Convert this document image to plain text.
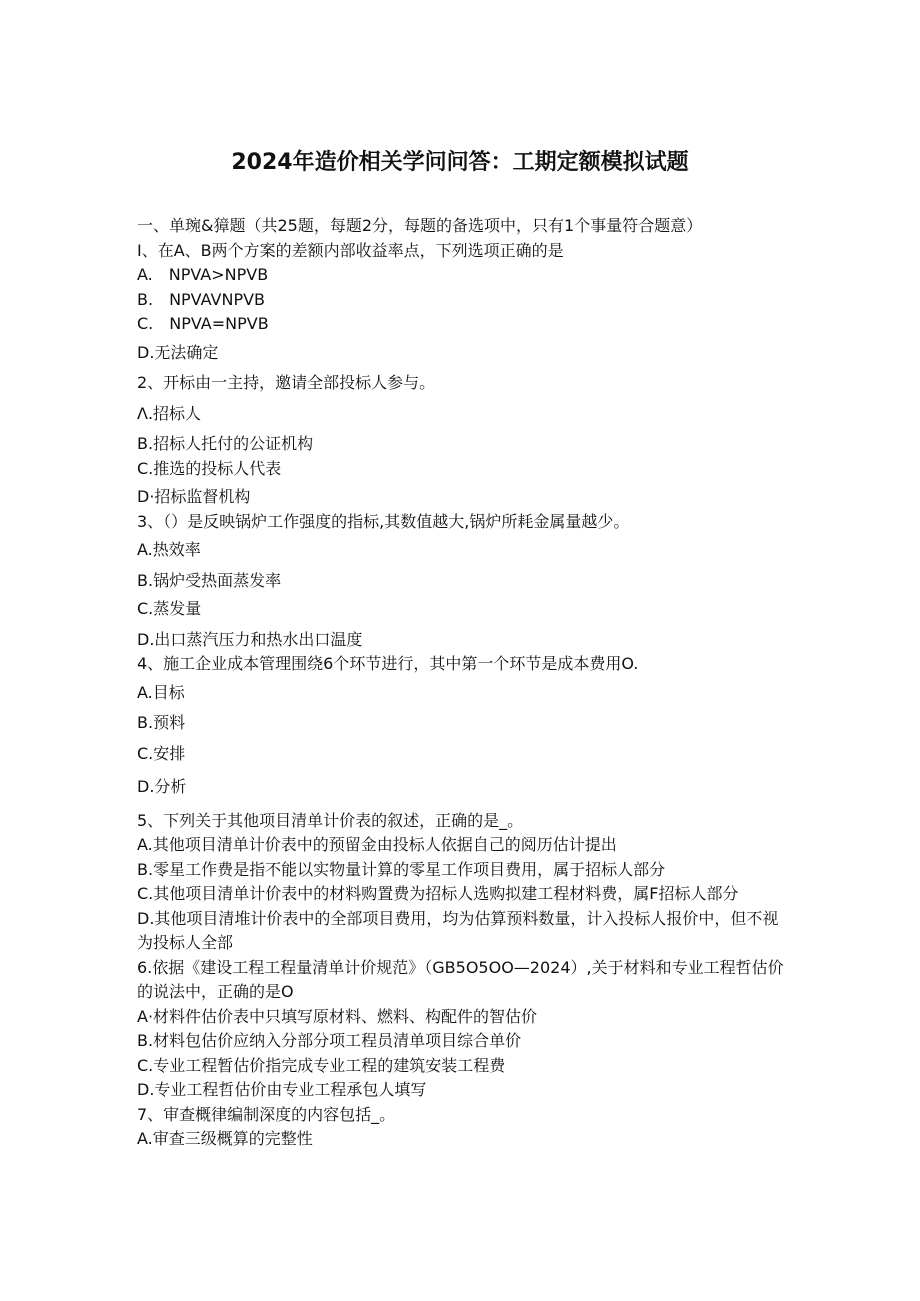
2024年造价相关学问问答：工期定额模拟试题
一、单琬&獐题（共25题，每题2分，每题的备选项中，只有1个事量符合题意）
I、在A、B两个方案的差额内部收益率点，下列选项正确的是
A.　NPVA>NPVB
B.　NPVAVNPVB
C.　NPVA=NPVB
D.无法确定
2、开标由一主持，邀请全部投标人参与。
Λ.招标人
B.招标人托付的公证机构
C.推选的投标人代表
D·招标监督机构
3、（）是反映锅炉工作强度的指标,其数值越大,锅炉所耗金属量越少。
A.热效率
B.锅炉受热面蒸发率
C.蒸发量
D.出口蒸汽压力和热水出口温度
4、施工企业成本管理围绕6个环节进行，其中第一个环节是成本费用O.
A.目标
B.预料
C.安排
D.分析
5、下列关于其他项目清单计价表的叙述，正确的是_。
A.其他项目清单计价表中的预留金由投标人依据自己的阅历估计提出
B.零星工作费是指不能以实物量计算的零星工作项目费用，属于招标人部分
C.其他项目清单计价表中的材料购置费为招标人选购拟建工程材料费，属F招标人部分
D.其他项目清堆计价表中的全部项目费用，均为估算预料数量，计入投标人报价中，但不视为投标人全部
6.依据《建设工程工程量清单计价规范》（GB5O5OO—2024）,关于材料和专业工程哲估价的说法中，正确的是O
A·材料件估价表中只填写原材料、燃料、构配件的智估价
B.材料包估价应纳入分部分项工程员清单项目综合单价
C.专业工程暂估价指完成专业工程的建筑安装工程费
D.专业工程哲估价由专业工程承包人填写
7、审查概律编制深度的内容包括_。
A.审查三级概算的完整性
